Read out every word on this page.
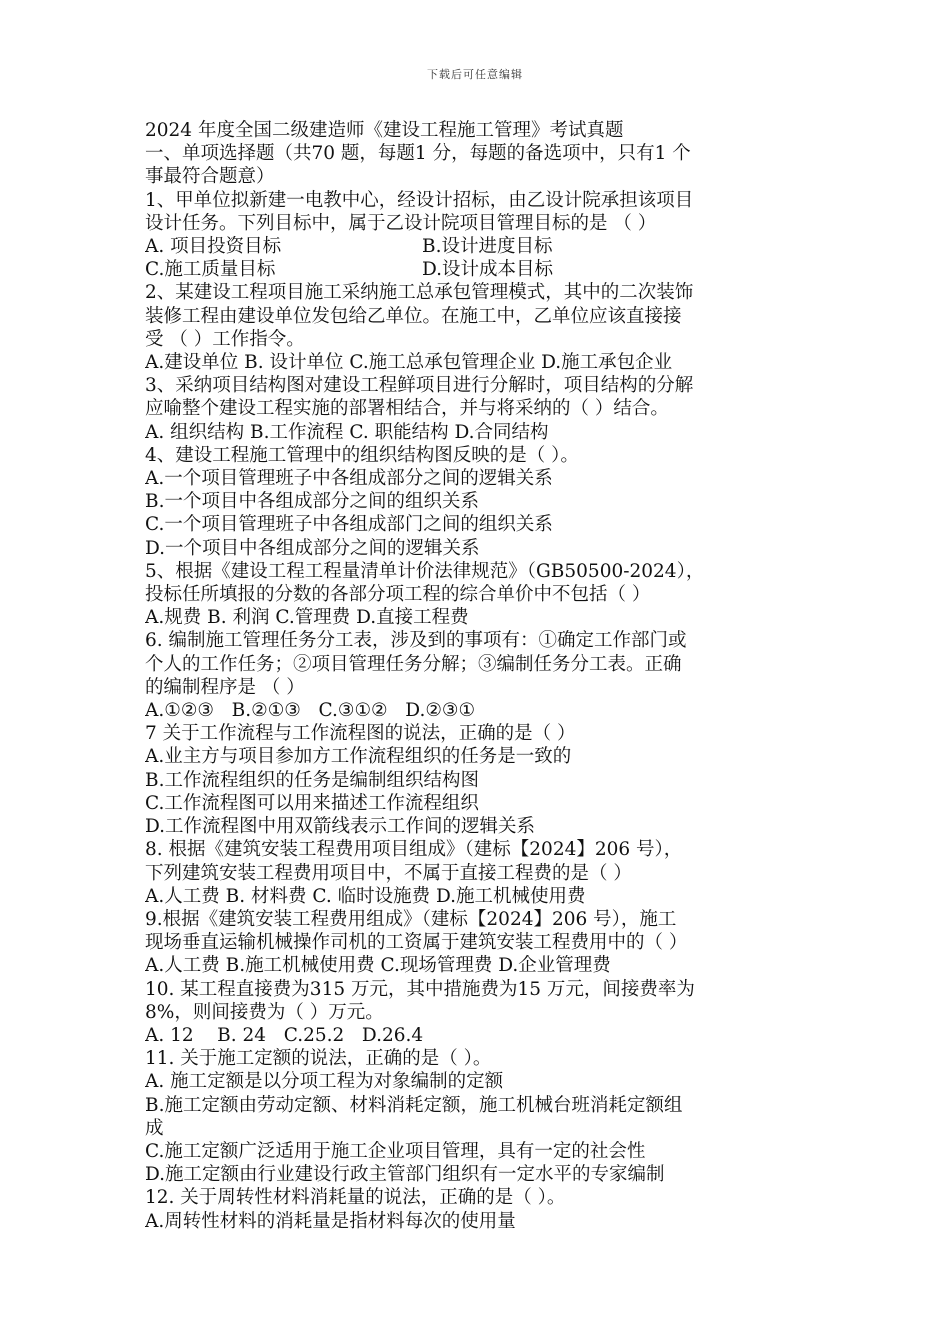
下载后可任意编辑

2024 年度全国二级建造师《建设工程施工管理》考试真题

一、单项选择题（共70 题，每题1 分，每题的备选项中，只有1 个

事最符合题意）

1、甲单位拟新建一电教中心，经设计招标，由乙设计院承担该项目

设计任务。下列目标中，属于乙设计院项目管理目标的是 （ ）

A. 项目投资目标	B.设计进度目标
C.施工质量目标	D.设计成本目标

2、某建设工程项目施工采纳施工总承包管理模式，其中的二次装饰

装修工程由建设单位发包给乙单位。在施工中，乙单位应该直接接

受 （ ）工作指令。

A.建设单位 B. 设计单位 C.施工总承包管理企业 D.施工承包企业

3、采纳项目结构图对建设工程鲜项目进行分解时，项目结构的分解

应喻整个建设工程实施的部署相结合，并与将采纳的（ ）结合。

A. 组织结构 B.工作流程 C. 职能结构 D.合同结构

4、建设工程施工管理中的组织结构图反映的是（ ）。

A.一个项目管理班子中各组成部分之间的逻辑关系

B.一个项目中各组成部分之间的组织关系

C.一个项目管理班子中各组成部门之间的组织关系

D.一个项目中各组成部分之间的逻辑关系

5、根据《建设工程工程量清单计价法律规范》（GB50500-2024），

投标任所填报的分数的各部分项工程的综合单价中不包括（ ）

A.规费 B. 利润 C.管理费 D.直接工程费

6. 编制施工管理任务分工表，涉及到的事项有：①确定工作部门或

个人的工作任务；②项目管理任务分解；③编制任务分工表。正确

的编制程序是 （ ）

A.①②③   B.②①③   C.③①②   D.②③①

7 关于工作流程与工作流程图的说法，正确的是（ ）

A.业主方与项目参加方工作流程组织的任务是一致的

B.工作流程组织的任务是编制组织结构图

C.工作流程图可以用来描述工作流程组织

D.工作流程图中用双箭线表示工作间的逻辑关系

8. 根据《建筑安装工程费用项目组成》（建标【2024】206 号），

下列建筑安装工程费用项目中，不属于直接工程费的是（ ）

A.人工费 B. 材料费 C. 临时设施费 D.施工机械使用费

9.根据《建筑安装工程费用组成》（建标【2024】206 号），施工

现场垂直运输机械操作司机的工资属于建筑安装工程费用中的（ ）

A.人工费 B.施工机械使用费 C.现场管理费 D.企业管理费

10. 某工程直接费为315 万元，其中措施费为15 万元，间接费率为

8%，则间接费为（ ）万元。

A. 12    B. 24   C.25.2   D.26.4

11. 关于施工定额的说法，正确的是（ ）。

A. 施工定额是以分项工程为对象编制的定额

B.施工定额由劳动定额、材料消耗定额，施工机械台班消耗定额组

成

C.施工定额广泛适用于施工企业项目管理，具有一定的社会性

D.施工定额由行业建设行政主管部门组织有一定水平的专家编制

12. 关于周转性材料消耗量的说法，正确的是（ ）。

A.周转性材料的消耗量是指材料每次的使用量
